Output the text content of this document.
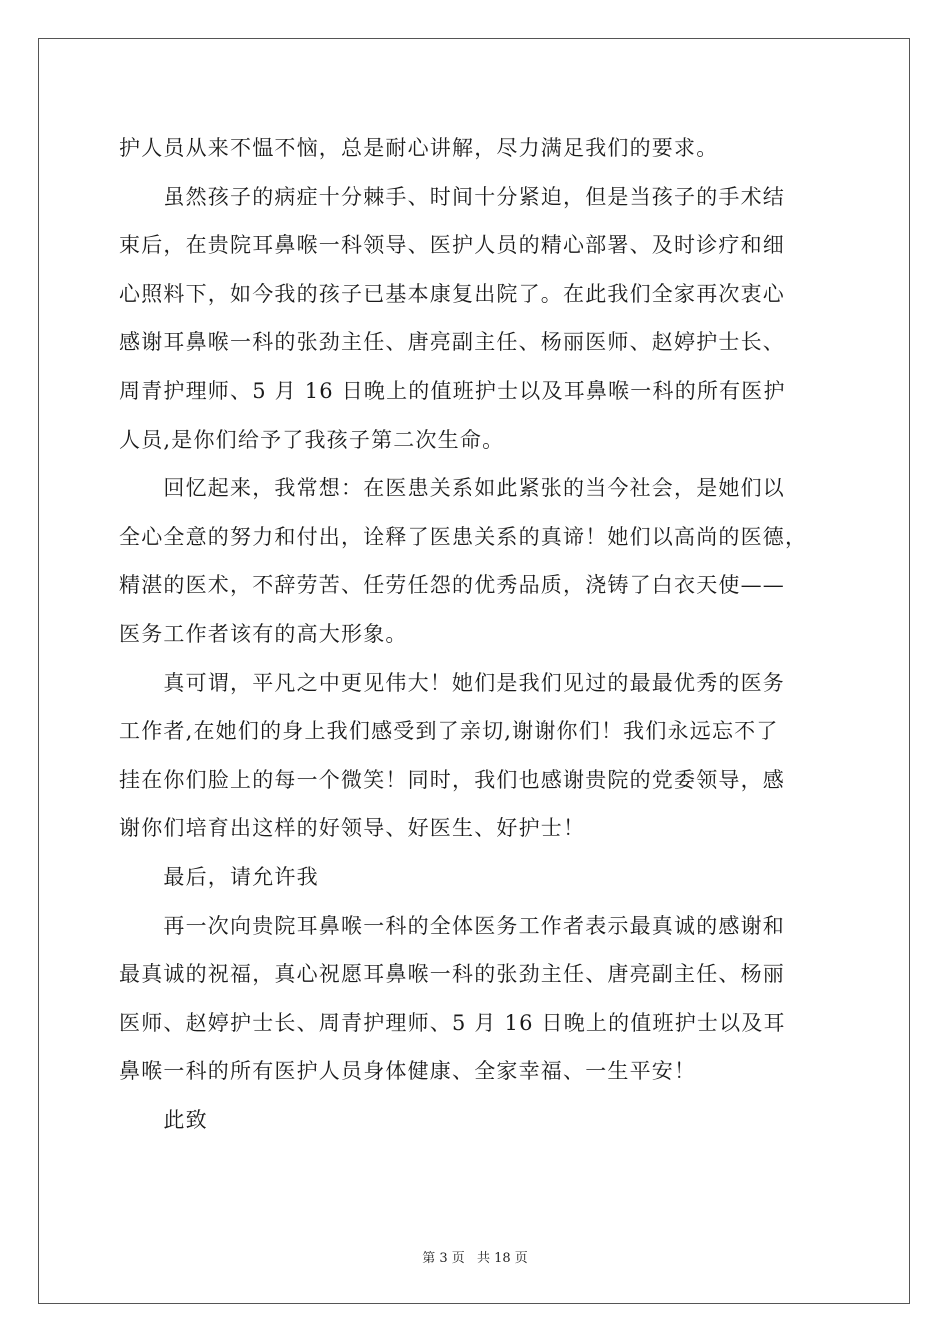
护人员从来不愠不恼，总是耐心讲解，尽力满足我们的要求。
　　虽然孩子的病症十分棘手、时间十分紧迫，但是当孩子的手术结
束后，在贵院耳鼻喉一科领导、医护人员的精心部署、及时诊疗和细
心照料下，如今我的孩子已基本康复出院了。在此我们全家再次衷心
感谢耳鼻喉一科的张劲主任、唐亮副主任、杨丽医师、赵婷护士长、
周青护理师、5 月 16 日晚上的值班护士以及耳鼻喉一科的所有医护
人员,是你们给予了我孩子第二次生命。
　　回忆起来，我常想：在医患关系如此紧张的当今社会，是她们以
全心全意的努力和付出，诠释了医患关系的真谛！她们以高尚的医德，
精湛的医术，不辞劳苦、任劳任怨的优秀品质，浇铸了白衣天使——
医务工作者该有的高大形象。
　　真可谓，平凡之中更见伟大！她们是我们见过的最最优秀的医务
工作者,在她们的身上我们感受到了亲切,谢谢你们！我们永远忘不了
挂在你们脸上的每一个微笑！同时，我们也感谢贵院的党委领导，感
谢你们培育出这样的好领导、好医生、好护士！
　　最后，请允许我
　　再一次向贵院耳鼻喉一科的全体医务工作者表示最真诚的感谢和
最真诚的祝福，真心祝愿耳鼻喉一科的张劲主任、唐亮副主任、杨丽
医师、赵婷护士长、周青护理师、5 月 16 日晚上的值班护士以及耳
鼻喉一科的所有医护人员身体健康、全家幸福、一生平安！
　　此致
第 3 页 共 18 页
